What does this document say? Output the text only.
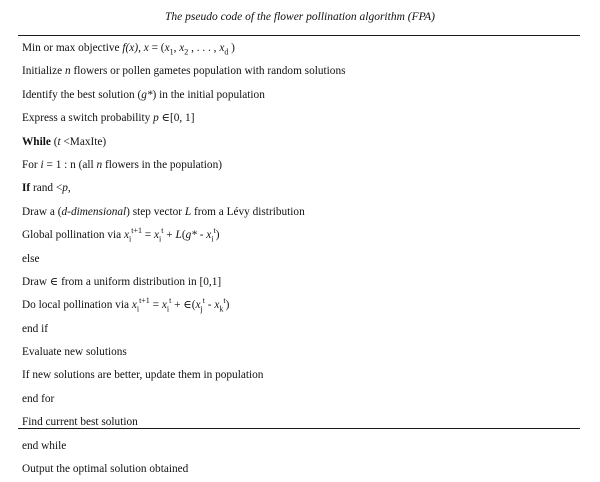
The pseudo code of the flower pollination algorithm (FPA)
Min or max objective f(x), $x = (x_1$, $x_2$ , . . . , $x_d$ )
Initialize n flowers or pollen gametes population with random solutions
Identify the best solution (g*) in the initial population
Express a switch probability p ∈[0, 1]
While (t <MaxIte)
For i = 1 : n (all n flowers in the population)
If rand <p,
Draw a (d-dimensional) step vector L from a Lévy distribution
Global pollination via $x_i^{t+1} = x_i^t + L(g* - x_i^t)$
else
Draw ∈ from a uniform distribution in [0,1]
Do local pollination via $x_i^{t+1} = x_i^t$ + $\in(x_j^t - x_k^t)$
end if
Evaluate new solutions
If new solutions are better, update them in population
end for
Find current best solution
end while
Output the optimal solution obtained
